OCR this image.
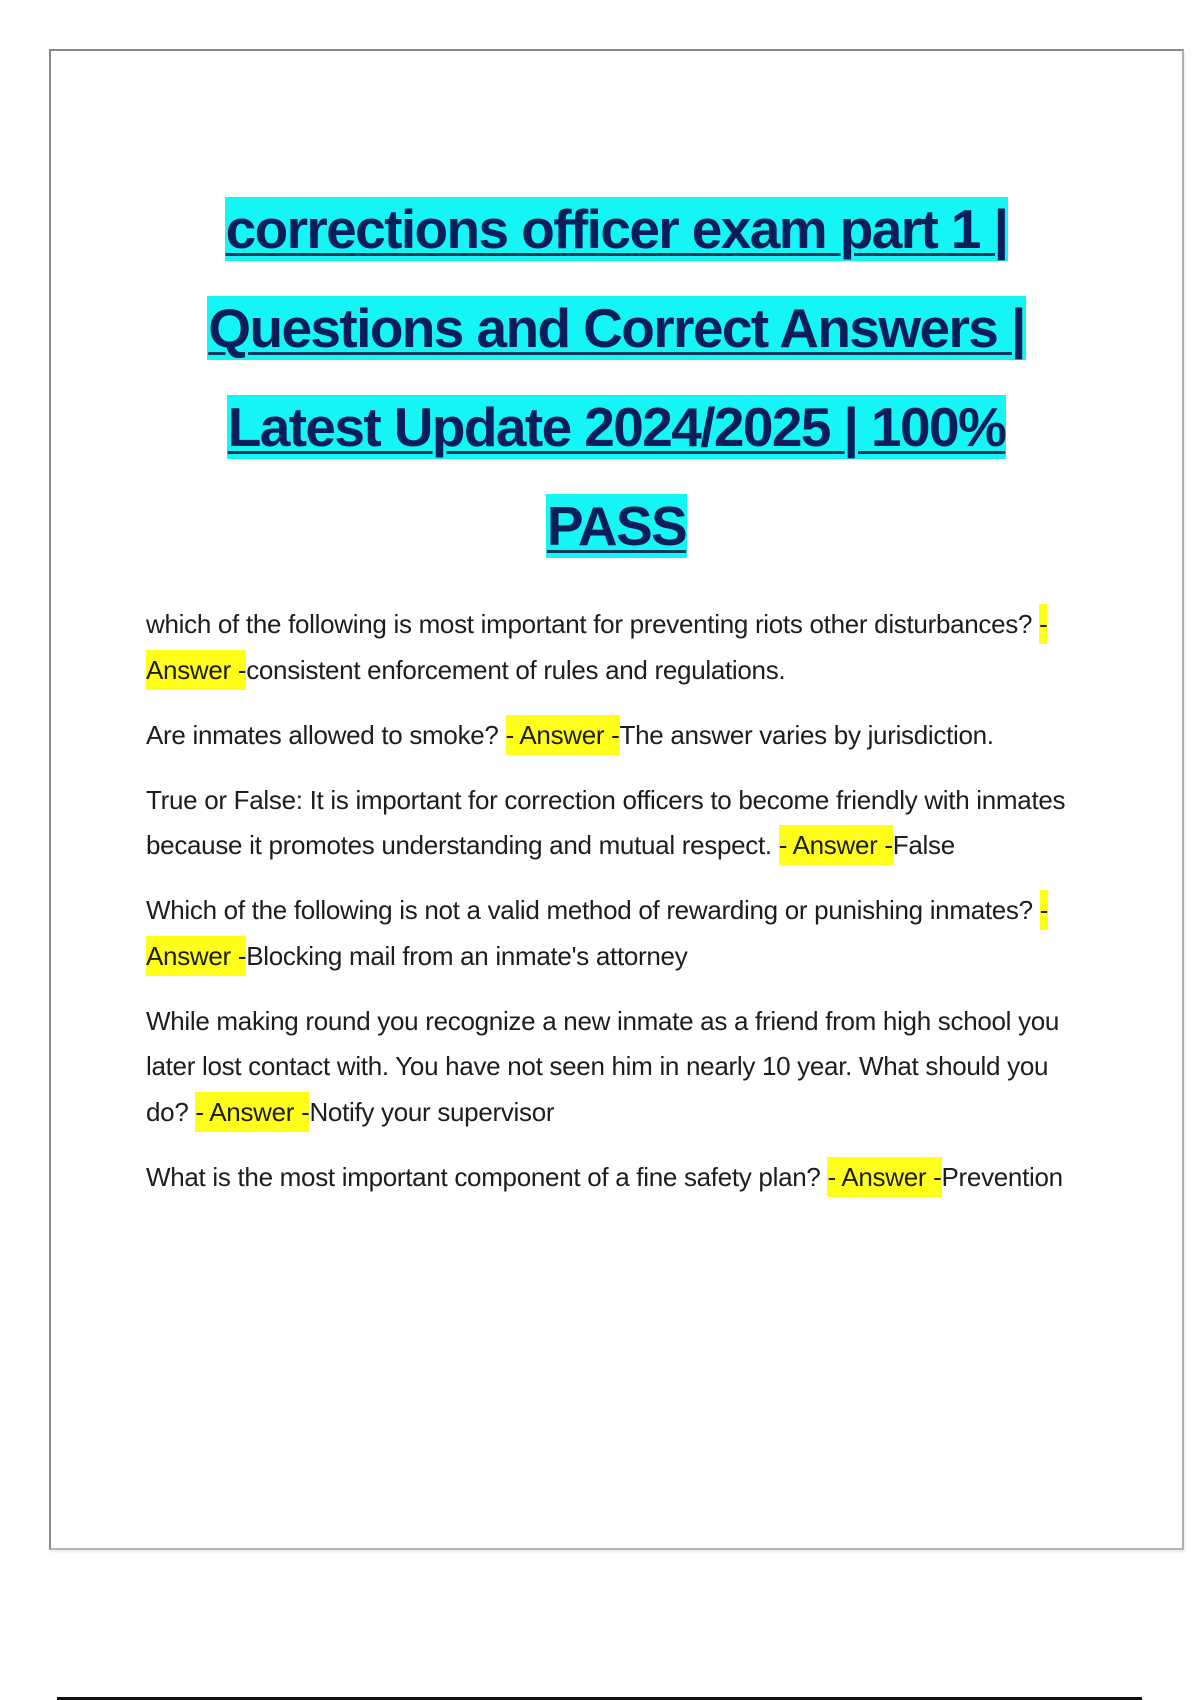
corrections officer exam part 1 |
Questions and Correct Answers |
Latest Update 2024/2025 | 100%
PASS

which of the following is most important for preventing riots other disturbances? - Answer -consistent enforcement of rules and regulations.

Are inmates allowed to smoke? - Answer -The answer varies by jurisdiction.

True or False: It is important for correction officers to become friendly with inmates because it promotes understanding and mutual respect. - Answer -False

Which of the following is not a valid method of rewarding or punishing inmates? - Answer -Blocking mail from an inmate's attorney

While making round you recognize a new inmate as a friend from high school you later lost contact with. You have not seen him in nearly 10 year. What should you do? - Answer -Notify your supervisor

What is the most important component of a fine safety plan? - Answer -Prevention
